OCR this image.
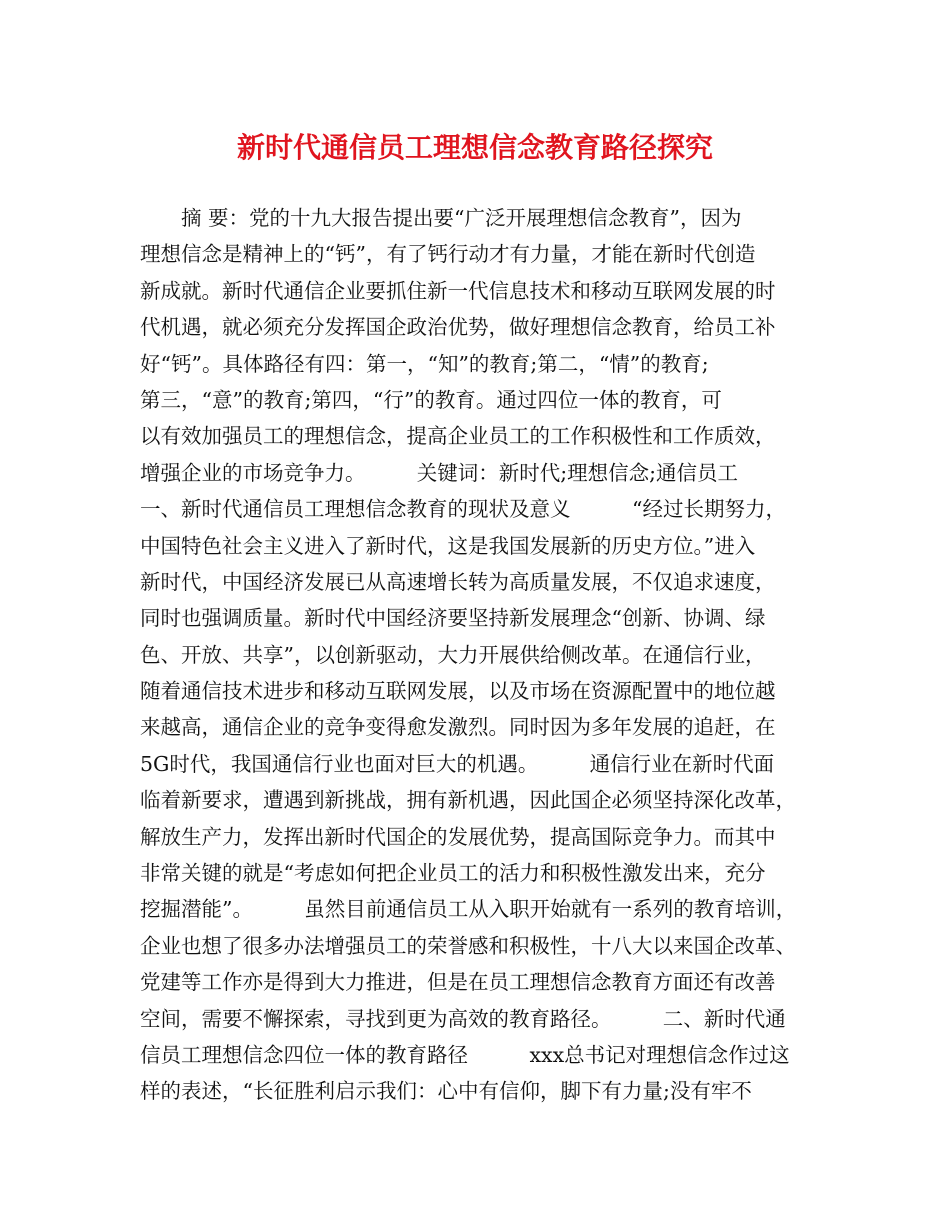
新时代通信员工理想信念教育路径探究
　　摘 要：党的十九大报告提出要“广泛开展理想信念教育”，因为
理想信念是精神上的“钙”，有了钙行动才有力量，才能在新时代创造
新成就。新时代通信企业要抓住新一代信息技术和移动互联网发展的时
代机遇，就必须充分发挥国企政治优势，做好理想信念教育，给员工补
好“钙”。具体路径有四：第一，“知”的教育;第二，“情”的教育;
第三，“意”的教育;第四，“行”的教育。通过四位一体的教育，可
以有效加强员工的理想信念，提高企业员工的工作积极性和工作质效，
增强企业的市场竞争力。　　　关键词：新时代;理想信念;通信员工
一、新时代通信员工理想信念教育的现状及意义　　　“经过长期努力，
中国特色社会主义进入了新时代，这是我国发展新的历史方位。”进入
新时代，中国经济发展已从高速增长转为高质量发展，不仅追求速度，
同时也强调质量。新时代中国经济要坚持新发展理念“创新、协调、绿
色、开放、共享”，以创新驱动，大力开展供给侧改革。在通信行业，
随着通信技术进步和移动互联网发展，以及市场在资源配置中的地位越
来越高，通信企业的竞争变得愈发激烈。同时因为多年发展的追赶，在
5G时代，我国通信行业也面对巨大的机遇。　　　通信行业在新时代面
临着新要求，遭遇到新挑战，拥有新机遇，因此国企必须坚持深化改革，
解放生产力，发挥出新时代国企的发展优势，提高国际竞争力。而其中
非常关键的就是“考虑如何把企业员工的活力和积极性激发出来，充分
挖掘潜能”。　　　虽然目前通信员工从入职开始就有一系列的教育培训，
企业也想了很多办法增强员工的荣誉感和积极性，十八大以来国企改革、
党建等工作亦是得到大力推进，但是在员工理想信念教育方面还有改善
空间，需要不懈探索，寻找到更为高效的教育路径。　　　二、新时代通
信员工理想信念四位一体的教育路径　　　xxx总书记对理想信念作过这
样的表述，“长征胜利启示我们：心中有信仰，脚下有力量;没有牢不
